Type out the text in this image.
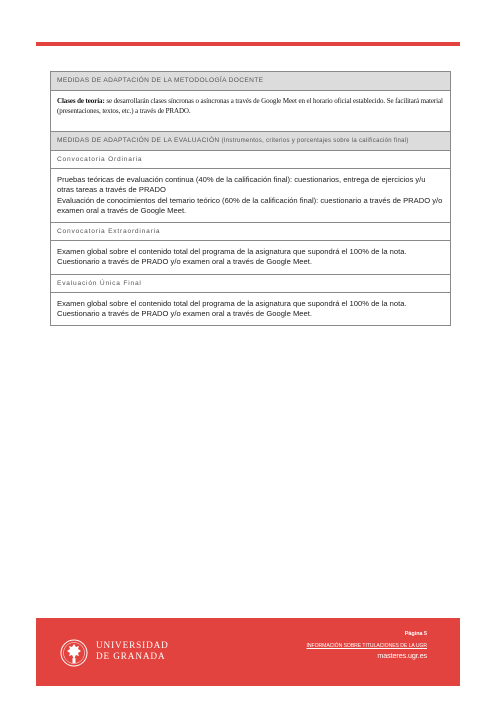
MEDIDAS DE ADAPTACIÓN DE LA METODOLOGÍA DOCENTE
Clases de teoría: se desarrollarán clases síncronas o asíncronas a través de Google Meet en el horario oficial establecido. Se facilitará material (presentaciones, textos, etc.) a través de PRADO.
MEDIDAS DE ADAPTACIÓN DE LA EVALUACIÓN (Instrumentos, criterios y porcentajes sobre la calificación final)
Convocatoria Ordinaria

Pruebas teóricas de evaluación continua (40% de la calificación final): cuestionarios, entrega de ejercicios y/u otras tareas a través de PRADO

Evaluación de conocimientos del temario teórico (60% de la calificación final): cuestionario a través de PRADO y/o examen oral a través de Google Meet.

Convocatoria Extraordinaria

Examen global sobre el contenido total del programa de la asignatura que supondrá el 100% de la nota. Cuestionario a través de PRADO y/o examen oral a través de Google Meet.

Evaluación Única Final

Examen global sobre el contenido total del programa de la asignatura que supondrá el 100% de la nota. Cuestionario a través de PRADO y/o examen oral a través de Google Meet.

UNIVERSIDAD
DE GRANADA
Página 5
INFORMACIÓN SOBRE TITULACIONES DE LA UGR
masteres.ugr.es
